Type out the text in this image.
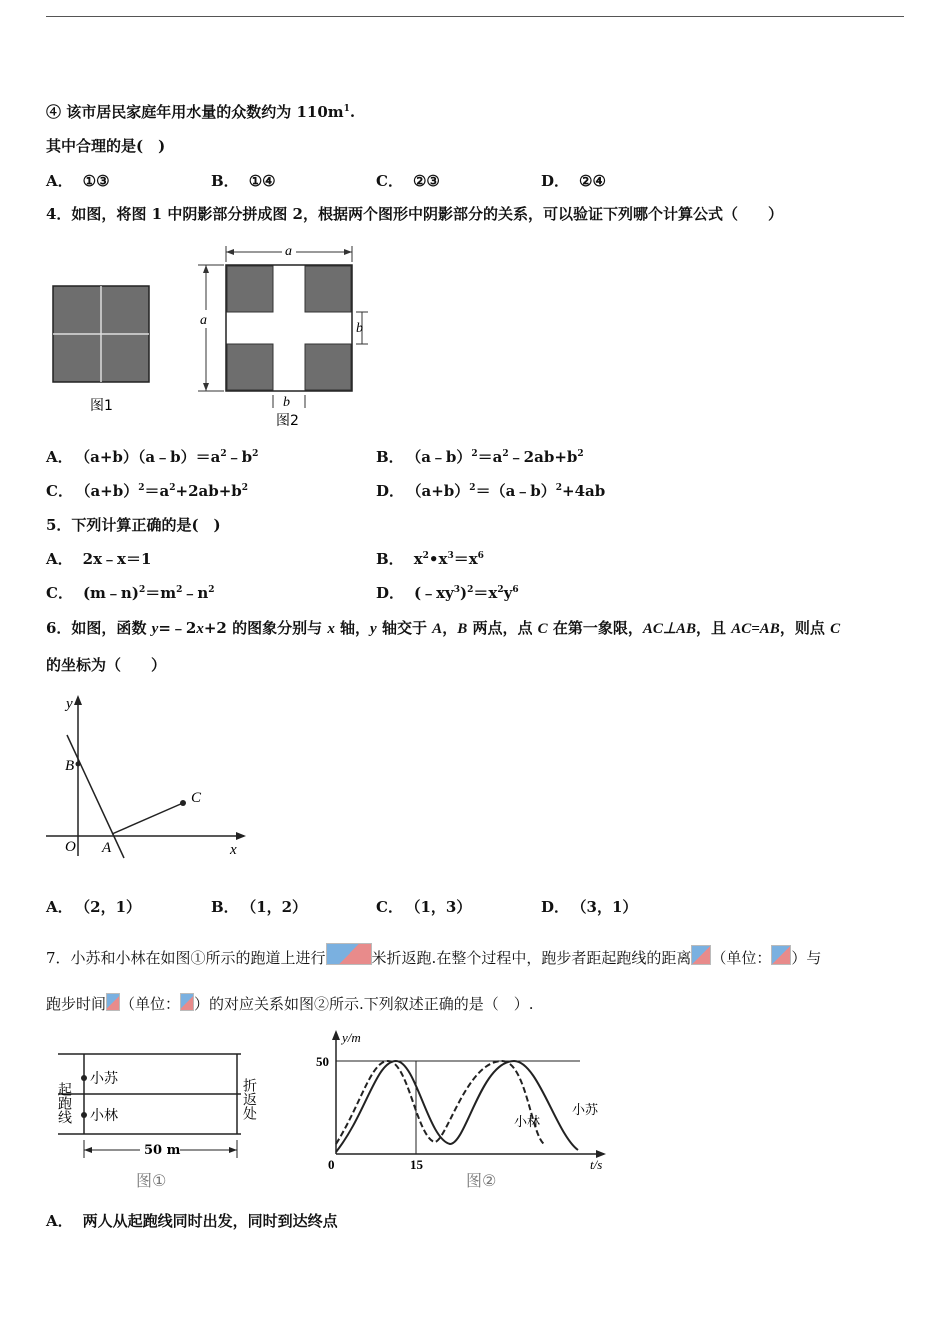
④ 该市居民家庭年用水量的众数约为 $110m^1$.
其中合理的是(　)
A． ①③	B． ①④	C． ②③	D． ②④
4．如图，将图 1 中阴影部分拼成图 2，根据两个图形中阴影部分的关系，可以验证下列哪个计算公式（　　）
图1
a
a
b
b
图2
A． $(a+b)(a﹣b)=a^2﹣b^2$	B． $(a﹣b)^2=a^2﹣2ab+b^2$
C． $(a+b)^2=a^2+2ab+b^2$	D． $(a+b)^2=(a﹣b)^2+4ab$
5．下列计算正确的是(　)
A． 2x﹣x＝1	B． $x^2•x^3=x^6$
C． $(m﹣n)^2=m^2﹣n^2$	D． $(﹣xy^3)^2=x^2y^6$
6．如图，函数 y=﹣2x+2 的图象分别与 x 轴，y 轴交于 A，B 两点，点 C 在第一象限，AC⊥AB，且 AC=AB，则点 C
的坐标为（　　）
y
x
B
C
O A
A． （2，1）	B． （1，2）	C． （1，3）	D． （3，1）
7．小苏和小林在如图①所示的跑道上进行	米折返跑.在整个过程中，跑步者距起跑线的距离 （单位： ）与
跑步时间 （单位： ）的对应关系如图②所示.下列叙述正确的是（　）.
起跑线	折返处
小苏
小林
50 m
图①
y/m
50
0	15	t/s
小林
小苏
图②
A． 两人从起跑线同时出发，同时到达终点
